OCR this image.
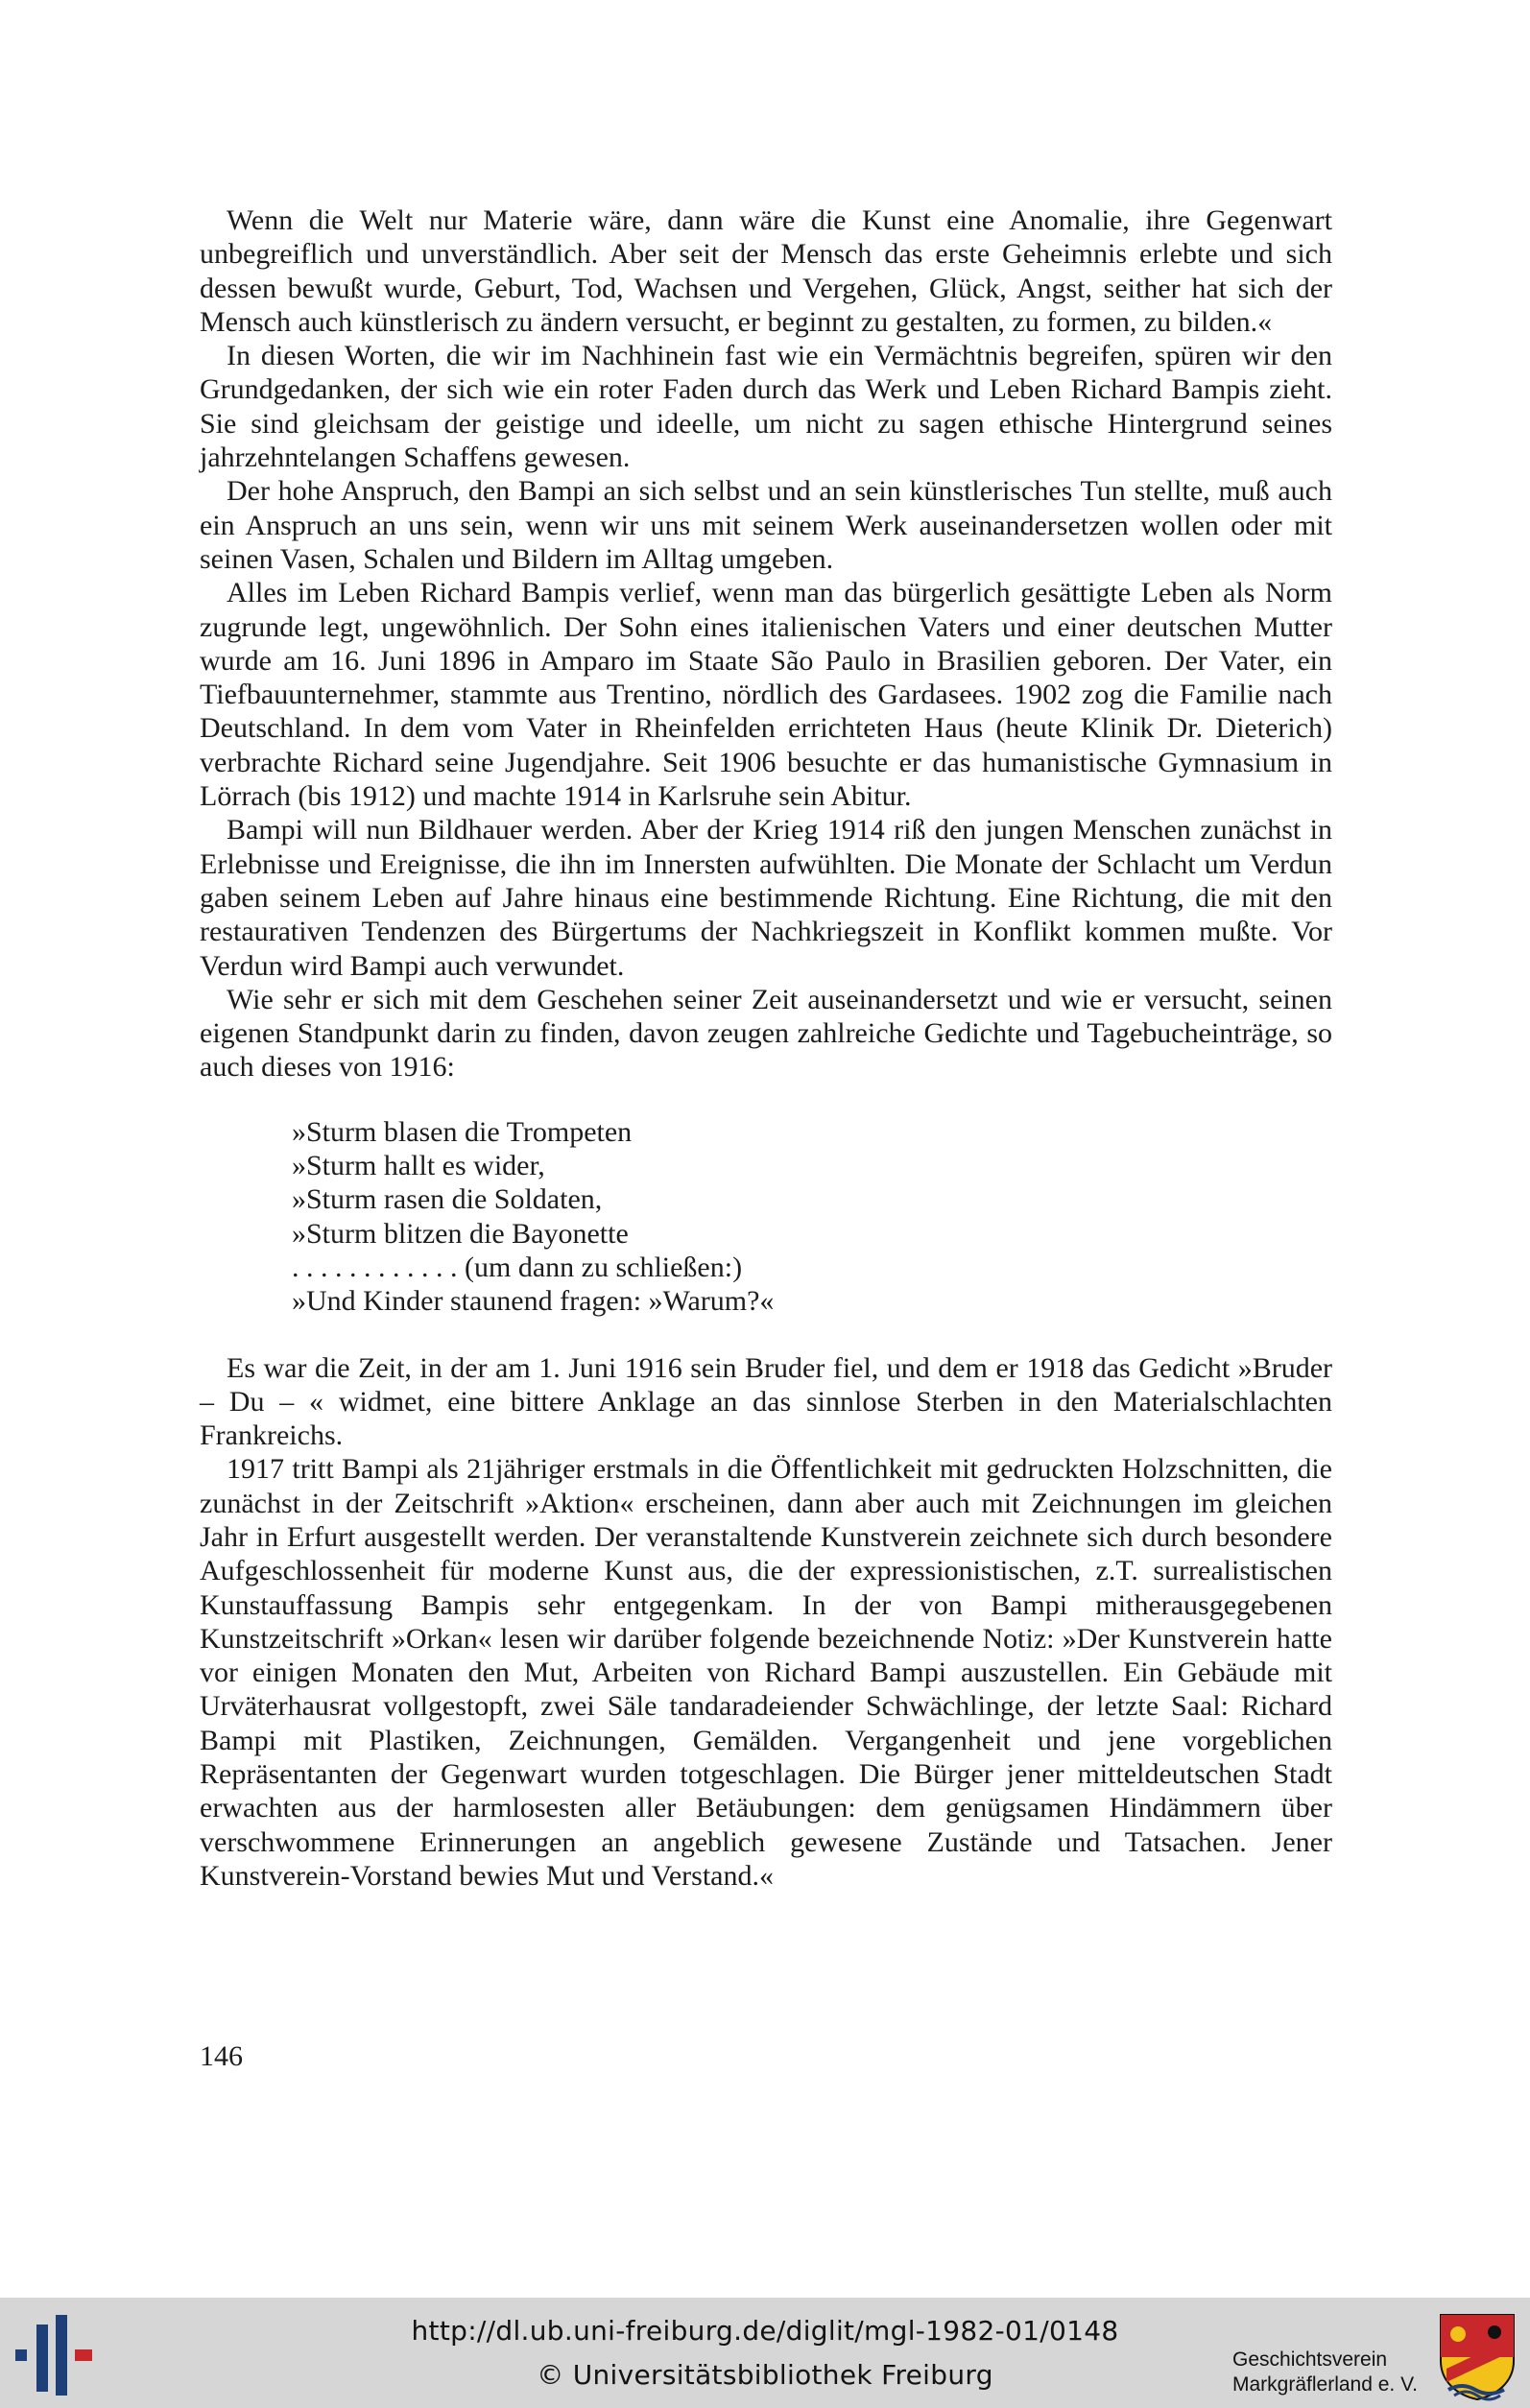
Wenn die Welt nur Materie wäre, dann wäre die Kunst eine Anomalie, ihre Gegenwart unbegreiflich und unverständlich. Aber seit der Mensch das erste Geheimnis erlebte und sich dessen bewußt wurde, Geburt, Tod, Wachsen und Vergehen, Glück, Angst, seither hat sich der Mensch auch künstlerisch zu ändern versucht, er beginnt zu gestalten, zu formen, zu bilden.«

In diesen Worten, die wir im Nachhinein fast wie ein Vermächtnis begreifen, spüren wir den Grundgedanken, der sich wie ein roter Faden durch das Werk und Leben Richard Bampis zieht. Sie sind gleichsam der geistige und ideelle, um nicht zu sagen ethische Hintergrund seines jahrzehntelangen Schaffens gewesen.

Der hohe Anspruch, den Bampi an sich selbst und an sein künstlerisches Tun stellte, muß auch ein Anspruch an uns sein, wenn wir uns mit seinem Werk auseinandersetzen wollen oder mit seinen Vasen, Schalen und Bildern im Alltag umgeben.

Alles im Leben Richard Bampis verlief, wenn man das bürgerlich gesättigte Leben als Norm zugrunde legt, ungewöhnlich. Der Sohn eines italienischen Vaters und einer deutschen Mutter wurde am 16. Juni 1896 in Amparo im Staate São Paulo in Brasilien geboren. Der Vater, ein Tiefbauunternehmer, stammte aus Trentino, nördlich des Gardasees. 1902 zog die Familie nach Deutschland. In dem vom Vater in Rheinfelden errichteten Haus (heute Klinik Dr. Dieterich) verbrachte Richard seine Jugendjahre. Seit 1906 besuchte er das humanistische Gymnasium in Lörrach (bis 1912) und machte 1914 in Karlsruhe sein Abitur.

Bampi will nun Bildhauer werden. Aber der Krieg 1914 riß den jungen Menschen zunächst in Erlebnisse und Ereignisse, die ihn im Innersten aufwühlten. Die Monate der Schlacht um Verdun gaben seinem Leben auf Jahre hinaus eine bestimmende Richtung. Eine Richtung, die mit den restaurativen Tendenzen des Bürgertums der Nachkriegszeit in Konflikt kommen mußte. Vor Verdun wird Bampi auch verwundet.

Wie sehr er sich mit dem Geschehen seiner Zeit auseinandersetzt und wie er versucht, seinen eigenen Standpunkt darin zu finden, davon zeugen zahlreiche Gedichte und Tagebucheinträge, so auch dieses von 1916:

»Sturm blasen die Trompeten
»Sturm hallt es wider,
»Sturm rasen die Soldaten,
»Sturm blitzen die Bayonette
. . . . . . . . . . . . (um dann zu schließen:)
»Und Kinder staunend fragen: »Warum?«

Es war die Zeit, in der am 1. Juni 1916 sein Bruder fiel, und dem er 1918 das Gedicht »Bruder – Du – « widmet, eine bittere Anklage an das sinnlose Sterben in den Materialschlachten Frankreichs.

1917 tritt Bampi als 21jähriger erstmals in die Öffentlichkeit mit gedruckten Holzschnitten, die zunächst in der Zeitschrift »Aktion« erscheinen, dann aber auch mit Zeichnungen im gleichen Jahr in Erfurt ausgestellt werden. Der veranstaltende Kunstverein zeichnete sich durch besondere Aufgeschlossenheit für moderne Kunst aus, die der expressionistischen, z.T. surrealistischen Kunstauffassung Bampis sehr entgegenkam. In der von Bampi mitherausgegebenen Kunstzeitschrift »Orkan« lesen wir darüber folgende bezeichnende Notiz: »Der Kunstverein hatte vor einigen Monaten den Mut, Arbeiten von Richard Bampi auszustellen. Ein Gebäude mit Urväterhausrat vollgestopft, zwei Säle tandaradeiender Schwächlinge, der letzte Saal: Richard Bampi mit Plastiken, Zeichnungen, Gemälden. Vergangenheit und jene vorgeblichen Repräsentanten der Gegenwart wurden totgeschlagen. Die Bürger jener mitteldeutschen Stadt erwachten aus der harmlosesten aller Betäubungen: dem genügsamen Hindämmern über verschwommene Erinnerungen an angeblich gewesene Zustände und Tatsachen. Jener Kunstverein-Vorstand bewies Mut und Verstand.«

146
http://dl.ub.uni-freiburg.de/diglit/mgl-1982-01/0148
© Universitätsbibliothek Freiburg	Geschichtsverein
Markgräflerland e. V.
